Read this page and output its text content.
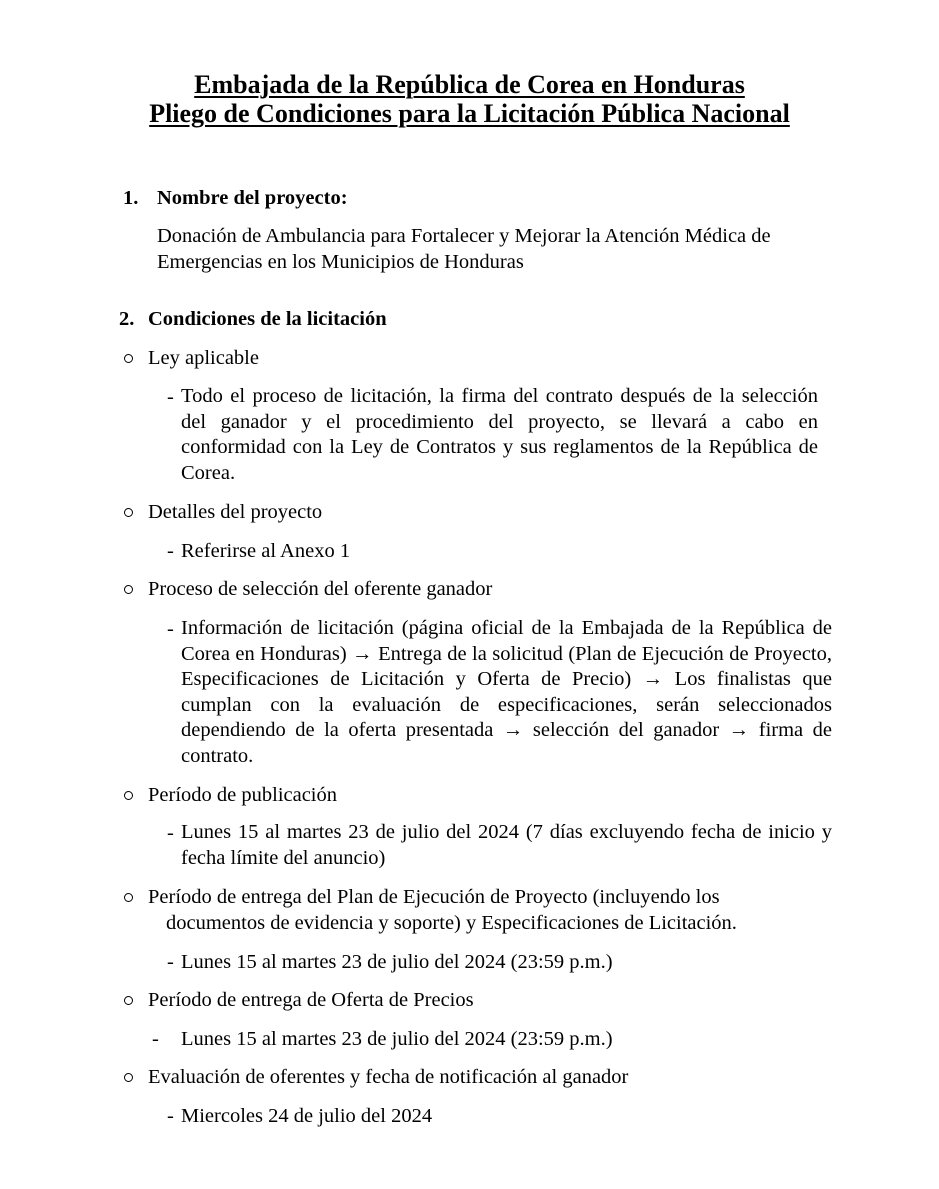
Embajada de la República de Corea en Honduras
Pliego de Condiciones para la Licitación Pública Nacional
1. Nombre del proyecto:
Donación de Ambulancia para Fortalecer y Mejorar la Atención Médica de
Emergencias en los Municipios de Honduras
2. Condiciones de la licitación
Ley aplicable
- Todo el proceso de licitación, la firma del contrato después de la selección del ganador y el procedimiento del proyecto, se llevará a cabo en conformidad con la Ley de Contratos y sus reglamentos de la República de Corea.
Detalles del proyecto
- Referirse al Anexo 1
Proceso de selección del oferente ganador
- Información de licitación (página oficial de la Embajada de la República de Corea en Honduras) → Entrega de la solicitud (Plan de Ejecución de Proyecto, Especificaciones de Licitación y Oferta de Precio) → Los finalistas que cumplan con la evaluación de especificaciones, serán seleccionados dependiendo de la oferta presentada → selección del ganador → firma de contrato.
Período de publicación
- Lunes 15 al martes 23 de julio del 2024 (7 días excluyendo fecha de inicio y fecha límite del anuncio)
Período de entrega del Plan de Ejecución de Proyecto (incluyendo los
documentos de evidencia y soporte) y Especificaciones de Licitación.
- Lunes 15 al martes 23 de julio del 2024 (23:59 p.m.)
Período de entrega de Oferta de Precios
- Lunes 15 al martes 23 de julio del 2024 (23:59 p.m.)
Evaluación de oferentes y fecha de notificación al ganador
- Miercoles 24 de julio del 2024
